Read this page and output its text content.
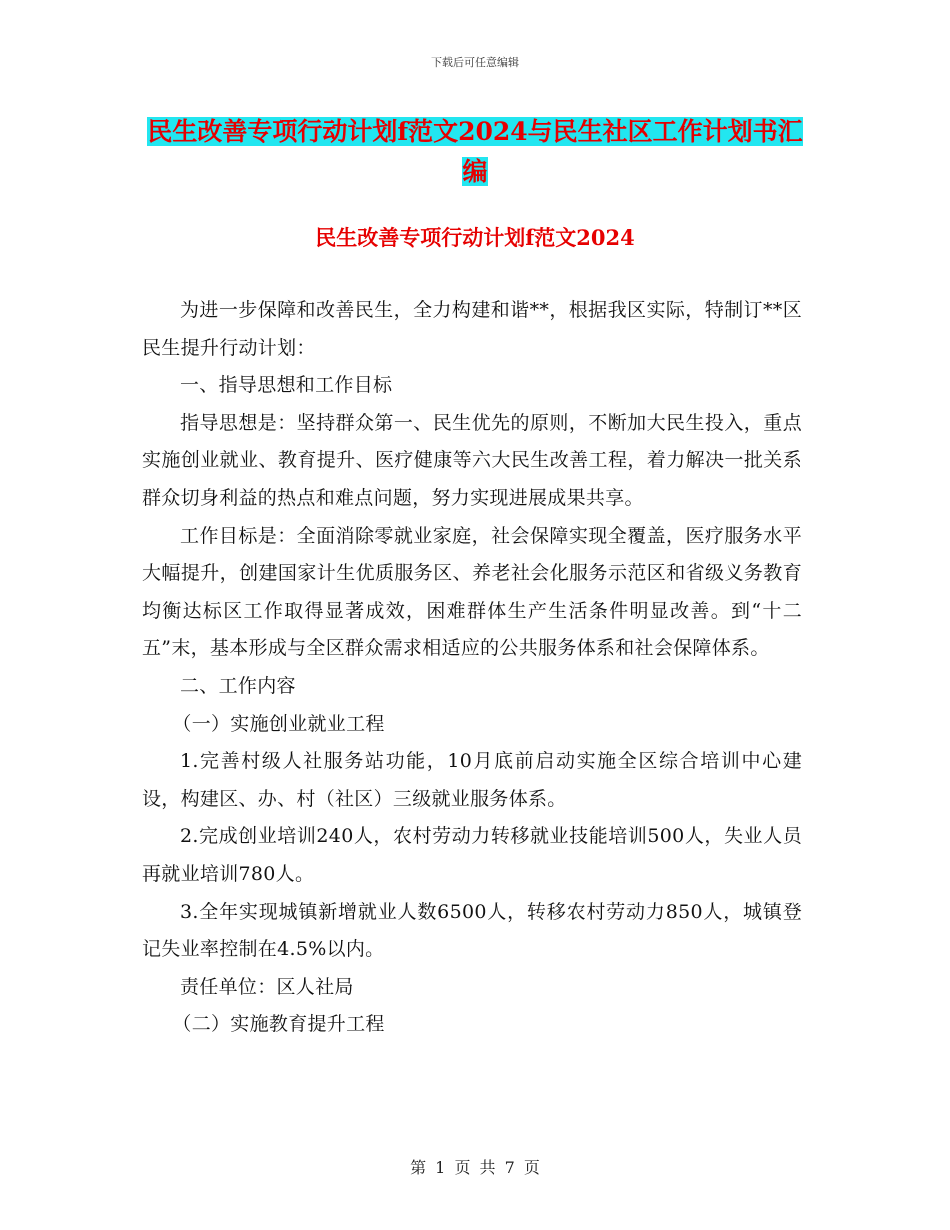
下载后可任意编辑
民生改善专项行动计划f范文2024与民生社区工作计划书汇编
民生改善专项行动计划f范文2024

为进一步保障和改善民生，全力构建和谐**，根据我区实际，特制订**区民生提升行动计划：

一、指导思想和工作目标

指导思想是：坚持群众第一、民生优先的原则，不断加大民生投入，重点实施创业就业、教育提升、医疗健康等六大民生改善工程，着力解决一批关系群众切身利益的热点和难点问题，努力实现进展成果共享。

工作目标是：全面消除零就业家庭，社会保障实现全覆盖，医疗服务水平大幅提升，创建国家计生优质服务区、养老社会化服务示范区和省级义务教育均衡达标区工作取得显著成效，困难群体生产生活条件明显改善。到“十二五”末，基本形成与全区群众需求相适应的公共服务体系和社会保障体系。

二、工作内容

（一）实施创业就业工程

1.完善村级人社服务站功能，10月底前启动实施全区综合培训中心建设，构建区、办、村（社区）三级就业服务体系。

2.完成创业培训240人，农村劳动力转移就业技能培训500人，失业人员再就业培训780人。

3.全年实现城镇新增就业人数6500人，转移农村劳动力850人，城镇登记失业率控制在4.5%以内。

责任单位：区人社局

（二）实施教育提升工程

第 1 页 共 7 页
